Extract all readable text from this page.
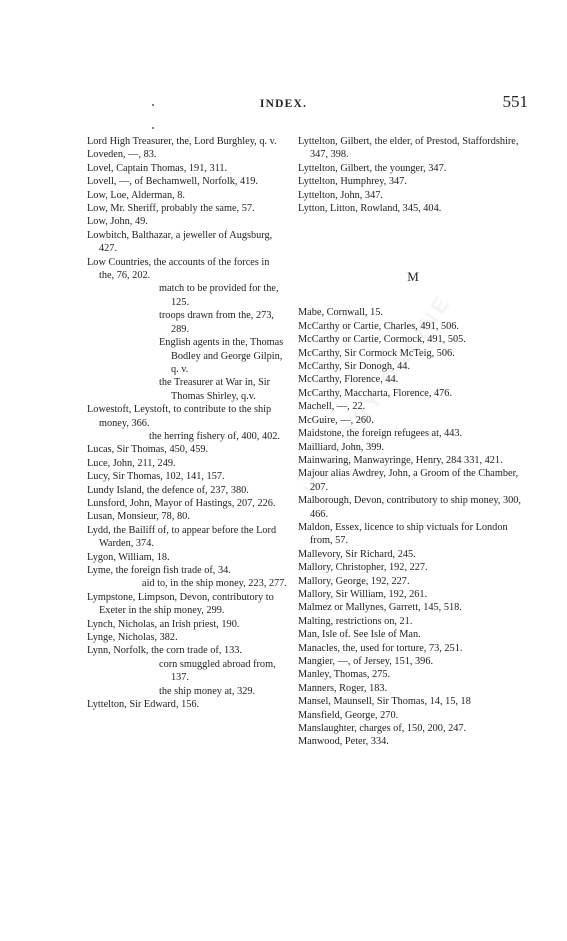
INDEX.	551

Lord High Treasurer, the, Lord Burghley, q. v.

Loveden, —, 83.

Lovel, Captain Thomas, 191, 311.

Lovell, —, of Bechamwell, Norfolk, 419.

Low, Loe, Alderman, 8.

Low, Mr. Sheriff, probably the same, 57.

Low, John, 49.

Lowbitch, Balthazar, a jeweller of Augsburg, 427.

Low Countries, the accounts of the forces in the, 76, 202.

match to be provided for the, 125.

troops drawn from the, 273, 289.

English agents in the, Thomas Bodley and George Gilpin, q. v.

the Treasurer at War in, Sir Thomas Shirley, q.v.

Lowestoft, Leystoft, to contribute to the ship money, 366.

the herring fishery of, 400, 402.

Lucas, Sir Thomas, 450, 459.

Luce, John, 211, 249.

Lucy, Sir Thomas, 102, 141, 157.

Lundy Island, the defence of, 237, 380.

Lunsford, John, Mayor of Hastings, 207, 226.

Lusan, Monsieur, 78, 80.

Lydd, the Bailiff of, to appear before the Lord Warden, 374.

Lygon, William, 18.

Lyme, the foreign fish trade of, 34.

aid to, in the ship money, 223, 277.

Lympstone, Limpson, Devon, contributory to Exeter in the ship money, 299.

Lynch, Nicholas, an Irish priest, 190.

Lynge, Nicholas, 382.

Lynn, Norfolk, the corn trade of, 133.

corn smuggled abroad from, 137.

the ship money at, 329.

Lyttelton, Sir Edward, 156.

Lyttelton, Gilbert, the elder, of Prestod, Staffordshire, 347, 398.

Lyttelton, Gilbert, the younger, 347.

Lyttelton, Humphrey, 347.

Lyttelton, John, 347.

Lytton, Litton, Rowland, 345, 404.

M

Mabe, Cornwall, 15.

McCarthy or Cartie, Charles, 491, 506.

McCarthy or Cartie, Cormock, 491, 505.

McCarthy, Sir Cormock McTeig, 506.

McCarthy, Sir Donogh, 44.

McCarthy, Florence, 44.

McCarthy, Maccharta, Florence, 476.

Machell, —, 22.

McGuire, —, 260.

Maidstone, the foreign refugees at, 443.

Mailliard, John, 399.

Mainwaring, Manwayringe, Henry, 284 331, 421.

Majour alias Awdrey, John, a Groom of the Chamber, 207.

Malborough, Devon, contributory to ship money, 300, 466.

Maldon, Essex, licence to ship victuals for London from, 57.

Mallevory, Sir Richard, 245.

Mallory, Christopher, 192, 227.

Mallory, George, 192, 227.

Mallory, Sir William, 192, 261.

Malmez or Mallynes, Garrett, 145, 518.

Malting, restrictions on, 21.

Man, Isle of. See Isle of Man.

Manacles, the, used for torture, 73, 251.

Mangier, —, of Jersey, 151, 396.

Manley, Thomas, 275.

Manners, Roger, 183.

Mansel, Maunsell, Sir Thomas, 14, 15, 18

Mansfield, George, 270.

Manslaughter, charges of, 150, 200, 247.

Manwood, Peter, 334.
